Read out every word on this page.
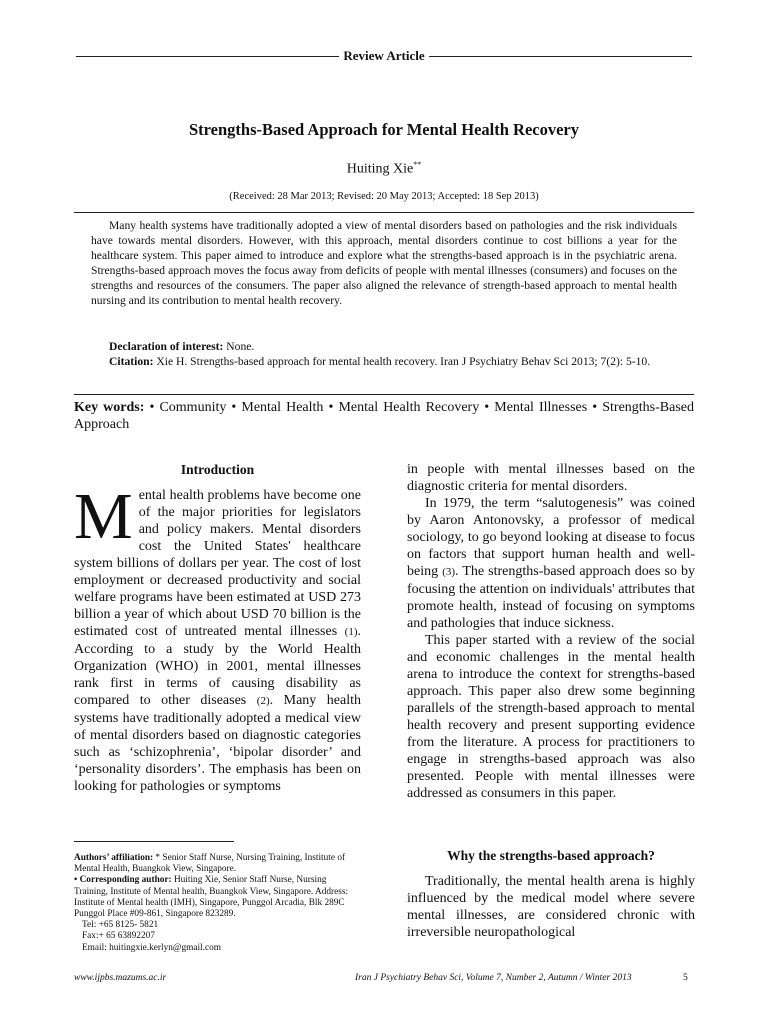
Review Article
Strengths-Based Approach for Mental Health Recovery
Huiting Xie**
(Received: 28 Mar 2013; Revised: 20 May 2013; Accepted: 18 Sep 2013)

Many health systems have traditionally adopted a view of mental disorders based on pathologies and the risk individuals have towards mental disorders. However, with this approach, mental disorders continue to cost billions a year for the healthcare system. This paper aimed to introduce and explore what the strengths-based approach is in the psychiatric arena. Strengths-based approach moves the focus away from deficits of people with mental illnesses (consumers) and focuses on the strengths and resources of the consumers. The paper also aligned the relevance of strength-based approach to mental health nursing and its contribution to mental health recovery.

Declaration of interest: None.

Citation: Xie H. Strengths-based approach for mental health recovery. Iran J Psychiatry Behav Sci 2013; 7(2): 5-10.

Key words: • Community • Mental Health • Mental Health Recovery • Mental Illnesses • Strengths-Based Approach
Introduction

Mental health problems have become one of the major priorities for legislators and policy makers. Mental disorders cost the United States' healthcare system billions of dollars per year. The cost of lost employment or decreased productivity and social welfare programs have been estimated at USD 273 billion a year of which about USD 70 billion is the estimated cost of untreated mental illnesses (1). According to a study by the World Health Organization (WHO) in 2001, mental illnesses rank first in terms of causing disability as compared to other diseases (2). Many health systems have traditionally adopted a medical view of mental disorders based on diagnostic categories such as ‘schizophrenia’, ‘bipolar disorder’ and ‘personality disorders’. The emphasis has been on looking for pathologies or symptoms

Authors’ affiliation: * Senior Staff Nurse, Nursing Training, Institute of Mental Health, Buangkok View, Singapore.

• Corresponding author: Huiting Xie, Senior Staff Nurse, Nursing Training, Institute of Mental health, Buangkok View, Singapore. Address: Institute of Mental health (IMH), Singapore, Punggol Arcadia, Blk 289C Punggol Place #09-861, Singapore 823289.

Tel: +65 8125- 5821

Fax:+ 65 63892207

Email: huitingxie.kerlyn@gmail.com

in people with mental illnesses based on the diagnostic criteria for mental disorders.

In 1979, the term “salutogenesis” was coined by Aaron Antonovsky, a professor of medical sociology, to go beyond looking at disease to focus on factors that support human health and well-being (3). The strengths-based approach does so by focusing the attention on individuals' attributes that promote health, instead of focusing on symptoms and pathologies that induce sickness.

This paper started with a review of the social and economic challenges in the mental health arena to introduce the context for strengths-based approach. This paper also drew some beginning parallels of the strength-based approach to mental health recovery and present supporting evidence from the literature. A process for practitioners to engage in strengths-based approach was also presented. People with mental illnesses were addressed as consumers in this paper.

Why the strengths-based approach?

Traditionally, the mental health arena is highly influenced by the medical model where severe mental illnesses, are considered chronic with irreversible neuropathological

www.ijpbs.mazums.ac.ir	Iran J Psychiatry Behav Sci, Volume 7, Number 2, Autumn / Winter 2013	5
